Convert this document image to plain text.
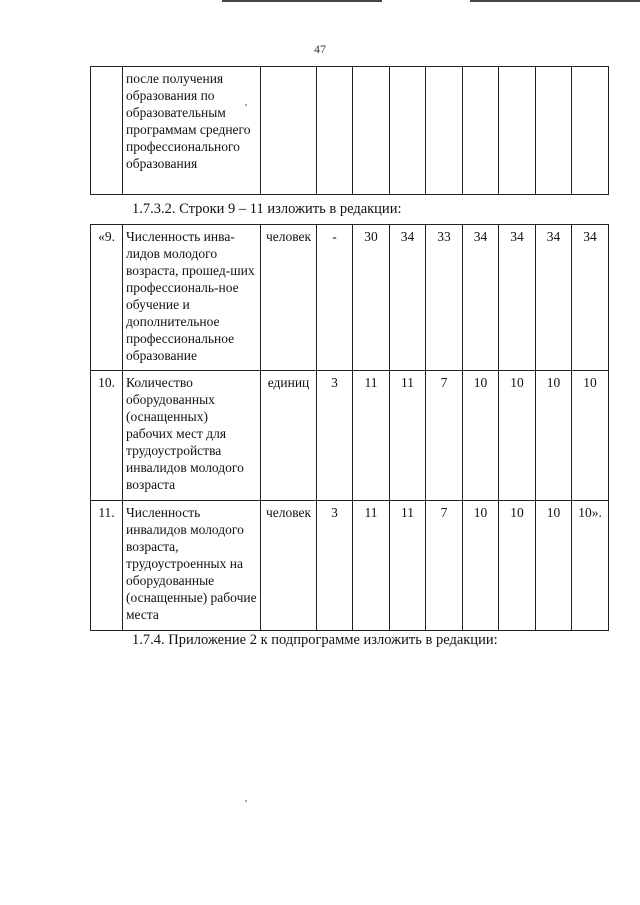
47
	после получения образования по образовательным программам среднего профессионального образования									
1.7.3.2. Строки 9 – 11 изложить в редакции:
«9.	Численность инва-лидов молодого возраста, прошед-ших профессиональ-ное обучение и дополнительное профессиональное образование	человек	-	30	34	33	34	34	34	34
10.	Количество оборудованных (оснащенных) рабочих мест для трудоустройства инвалидов молодого возраста	единиц	3	11	11	7	10	10	10	10
11.	Численность инвалидов молодого возраста, трудоустроенных на оборудованные (оснащенные) рабочие места	человек	3	11	11	7	10	10	10	10».
1.7.4. Приложение 2 к подпрограмме изложить в редакции:
